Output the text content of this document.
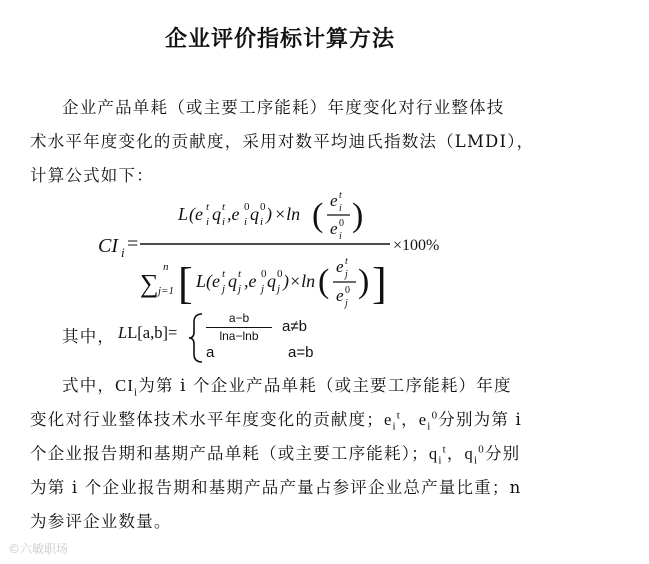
企业评价指标计算方法
企业产品单耗（或主要工序能耗）年度变化对行业整体技
术水平年度变化的贡献度，采用对数平均迪氏指数法（LMDI），
计算公式如下：
CI i =
L (e t
i q t
i ,e 0
i q 0
i ) ×ln ( e t
i
e 0
i
)
×100%
∑
n
j=1 [ L(e t
j q t
j ,e 0
j q 0
j )×ln ( e t
j
e 0
j
) ]
其中， LL[a,b]=
a−b
lna−lnb
a≠b
a	a=b
式中，$CI_i$为第 i 个企业产品单耗（或主要工序能耗）年度
变化对行业整体技术水平年度变化的贡献度；$e_i^t$，$e_i^0$分别为第 i
个企业报告期和基期产品单耗（或主要工序能耗）；$q_i^t$，$q_i^0$分别
为第 i 个企业报告期和基期产品产量占参评企业总产量比重；n
为参评企业数量。
©六敏职场
